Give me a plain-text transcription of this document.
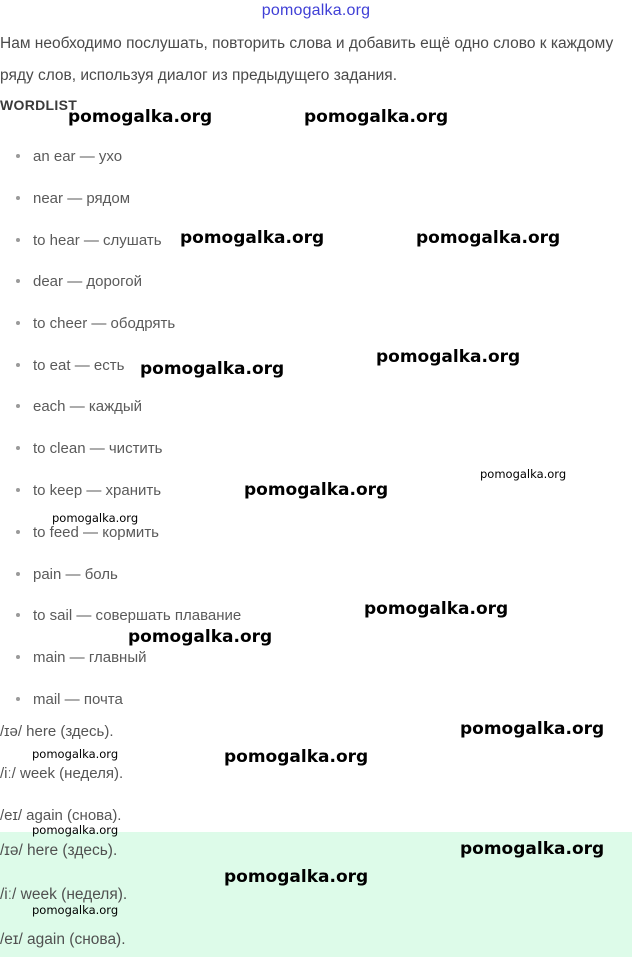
pomogalka.org
Нам необходимо послушать, повторить слова и добавить ещё одно слово к каждому ряду слов, используя диалог из предыдущего задания.
WORDLIST
an ear — ухо
near — рядом
to hear — слушать
dear — дорогой
to cheer — ободрять
to eat — есть
each — каждый
to clean — чистить
to keep — хранить
to feed — кормить
pain — боль
to sail — совершать плавание
main — главный
mail — почта
/ɪə/ here (здесь).
/iː/ week (неделя).
/eɪ/ again (снова).
/ɪə/ here (здесь).
/iː/ week (неделя).
/eɪ/ again (снова).
pomogalka.org	pomogalka.org
pomogalka.org	pomogalka.org
pomogalka.org
pomogalka.org
pomogalka.org
pomogalka.org
pomogalka.org
pomogalka.org
pomogalka.org
pomogalka.org
pomogalka.org	pomogalka.org
pomogalka.org
pomogalka.org
pomogalka.org
pomogalka.org
